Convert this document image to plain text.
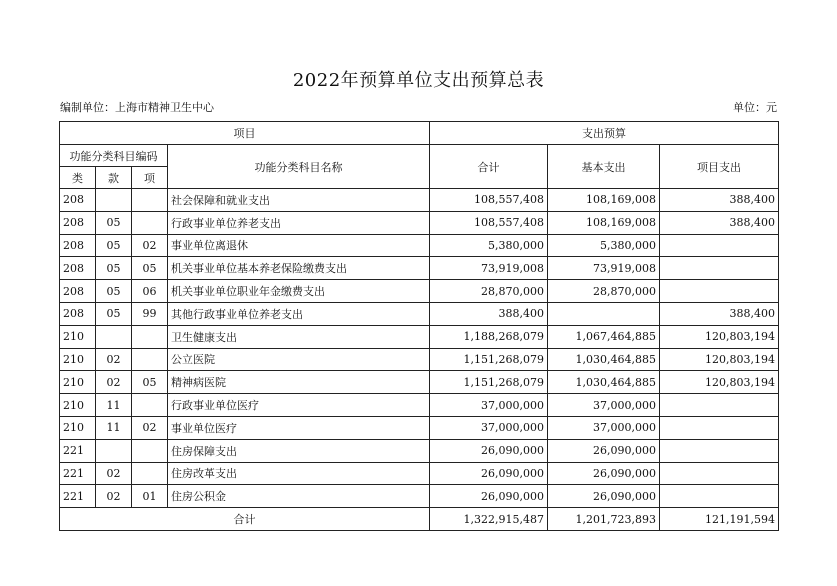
2022年预算单位支出预算总表
编制单位：上海市精神卫生中心	单位：元
项目				支出预算		
功能分类科目编码			功能分类科目名称	合计	基本支出	项目支出
类	款	项				
208			社会保障和就业支出	108,557,408	108,169,008	388,400
208	05		行政事业单位养老支出	108,557,408	108,169,008	388,400
208	05	02	事业单位离退休	5,380,000	5,380,000	
208	05	05	机关事业单位基本养老保险缴费支出	73,919,008	73,919,008	
208	05	06	机关事业单位职业年金缴费支出	28,870,000	28,870,000	
208	05	99	其他行政事业单位养老支出	388,400		388,400
210			卫生健康支出	1,188,268,079	1,067,464,885	120,803,194
210	02		公立医院	1,151,268,079	1,030,464,885	120,803,194
210	02	05	精神病医院	1,151,268,079	1,030,464,885	120,803,194
210	11		行政事业单位医疗	37,000,000	37,000,000	
210	11	02	事业单位医疗	37,000,000	37,000,000	
221			住房保障支出	26,090,000	26,090,000	
221	02		住房改革支出	26,090,000	26,090,000	
221	02	01	住房公积金	26,090,000	26,090,000	
合计				1,322,915,487	1,201,723,893	121,191,594
